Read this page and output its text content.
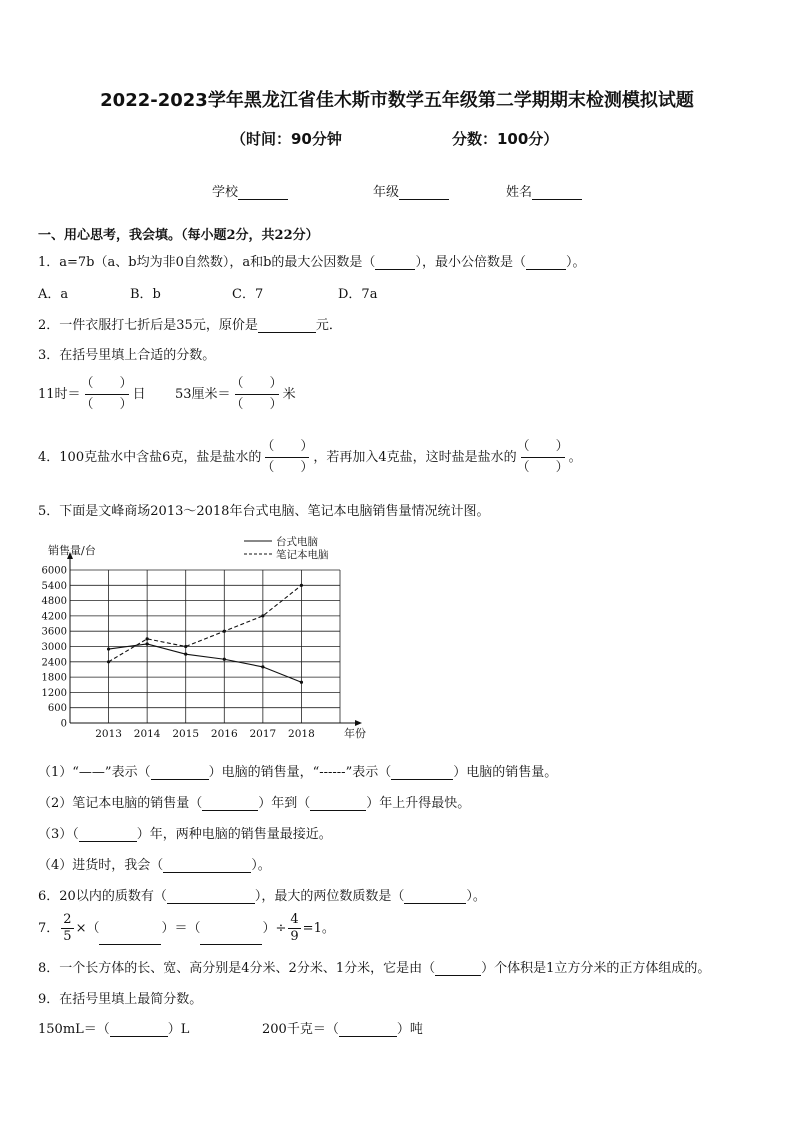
2022-2023学年黑龙江省佳木斯市数学五年级第二学期期末检测模拟试题
（时间：90分钟	分数：100分）
学校	年级	姓名
一、用心思考，我会填。（每小题2分，共22分）
1．a=7b（a、b均为非0自然数），a和b的最大公因数是（	），最小公倍数是（	）。
A．a	B．b	C．7	D．7a
2．一件衣服打七折后是35元，原价是	元．
3．在括号里填上合适的分数。
11时＝
（　　）
（　　）
日 53厘米＝
（　　）
（　　）
米
4．100克盐水中含盐6克，盐是盐水的
（　　）
（　　）
，若再加入4克盐，这时盐是盐水的
（　　）
（　　）
。
5．下面是文峰商场2013～2018年台式电脑、笔记本电脑销售量情况统计图。
0
600
1200
1800
2400
3000
3600
4200
4800
5400
6000
销售量/台
年份
2013 2014 2015 2016 2017 2018
台式电脑
笔记本电脑
（1）“——”表示（	）电脑的销售量，“------”表示（	）电脑的销售量。
（2）笔记本电脑的销售量（	）年到（	）年上升得最快。
（3）（	）年，两种电脑的销售量最接近。
（4）进货时，我会（	）。
6．20以内的质数有（	），最大的两位数质数是（	）。
7． $\frac{2}{5}$ ×（	）＝（	）÷ $\frac{4}{9} =1$。
8．一个长方体的长、宽、高分别是4分米、2分米、1分米，它是由（	）个体积是1立方分米的正方体组成的。
9．在括号里填上最简分数。
150mL＝（	）L	200千克＝（	）吨
